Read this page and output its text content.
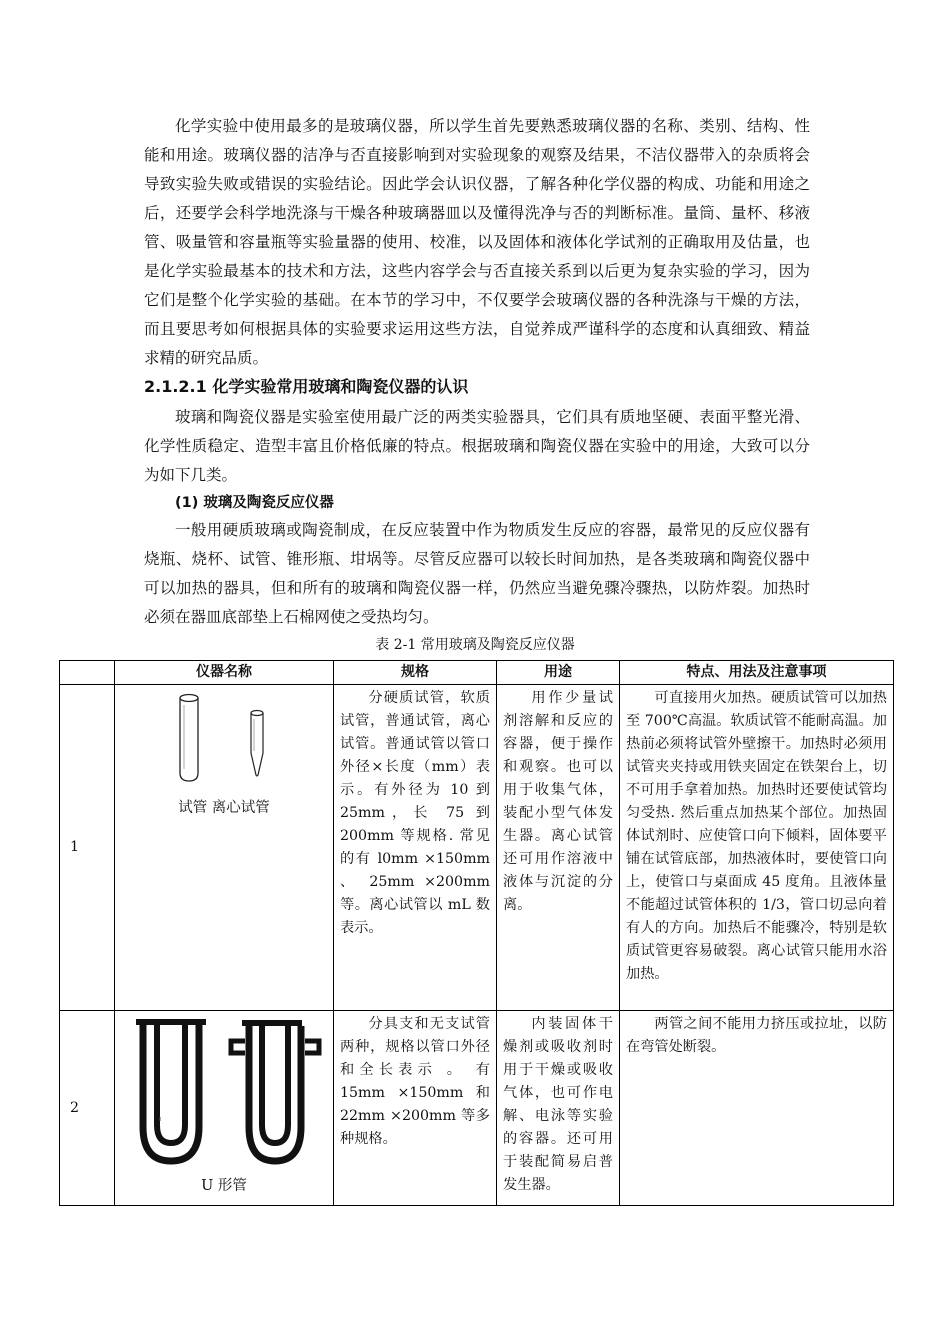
化学实验中使用最多的是玻璃仪器，所以学生首先要熟悉玻璃仪器的名称、类别、结构、性能和用途。玻璃仪器的洁净与否直接影响到对实验现象的观察及结果，不洁仪器带入的杂质将会导致实验失败或错误的实验结论。因此学会认识仪器，了解各种化学仪器的构成、功能和用途之后，还要学会科学地洗涤与干燥各种玻璃器皿以及懂得洗净与否的判断标准。量筒、量杯、移液管、吸量管和容量瓶等实验量器的使用、校准，以及固体和液体化学试剂的正确取用及估量，也是化学实验最基本的技术和方法，这些内容学会与否直接关系到以后更为复杂实验的学习，因为它们是整个化学实验的基础。在本节的学习中，不仅要学会玻璃仪器的各种洗涤与干燥的方法，而且要思考如何根据具体的实验要求运用这些方法，自觉养成严谨科学的态度和认真细致、精益求精的研究品质。

2.1.2.1 化学实验常用玻璃和陶瓷仪器的认识

玻璃和陶瓷仪器是实验室使用最广泛的两类实验器具，它们具有质地坚硬、表面平整光滑、化学性质稳定、造型丰富且价格低廉的特点。根据玻璃和陶瓷仪器在实验中的用途，大致可以分为如下几类。

(1) 玻璃及陶瓷反应仪器

一般用硬质玻璃或陶瓷制成，在反应装置中作为物质发生反应的容器，最常见的反应仪器有烧瓶、烧杯、试管、锥形瓶、坩埚等。尽管反应器可以较长时间加热，是各类玻璃和陶瓷仪器中可以加热的器具，但和所有的玻璃和陶瓷仪器一样，仍然应当避免骤冷骤热，以防炸裂。加热时必须在器皿底部垫上石棉网使之受热均匀。

表 2-1 常用玻璃及陶瓷反应仪器

	仪器名称	规格	用途	特点、用法及注意事项
1	试管 离心试管	分硬质试管，软质试管，普通试管，离心试管。普通试管以管口外径×长度（mm）表示。有外径为 10 到 25mm，长 75 到 200mm 等规格. 常见的有 l0mm ×150mm 、 25mm ×200mm 等。离心试管以 mL 数表示。	用作少量试剂溶解和反应的容器，便于操作和观察。也可以用于收集气体，装配小型气体发生器。离心试管还可用作溶液中液体与沉淀的分离。	可直接用火加热。硬质试管可以加热至 700℃高温。软质试管不能耐高温。加热前必须将试管外壁擦干。加热时必须用试管夹夹持或用铁夹固定在铁架台上，切不可用手拿着加热。加热时还要使试管均匀受热. 然后重点加热某个部位。加热固体试剂时、应使管口向下倾料，固体要平铺在试管底部，加热液体时，要使管口向上，使管口与桌面成 45 度角。且液体量不能超过试管体积的 1/3，管口切忌向着有人的方向。加热后不能骤冷，特别是软质试管更容易破裂。离心试管只能用水浴加热。
2	U 形管	分具支和无支试管两种，规格以管口外径和全长表示 。 有 15mm ×150mm 和 22mm ×200mm 等多种规格。	内装固体干燥剂或吸收剂时用于干燥或吸收气体，也可作电解、电泳等实验的容器。还可用于装配简易启普发生器。	两管之间不能用力挤压或拉址，以防在弯管处断裂。
